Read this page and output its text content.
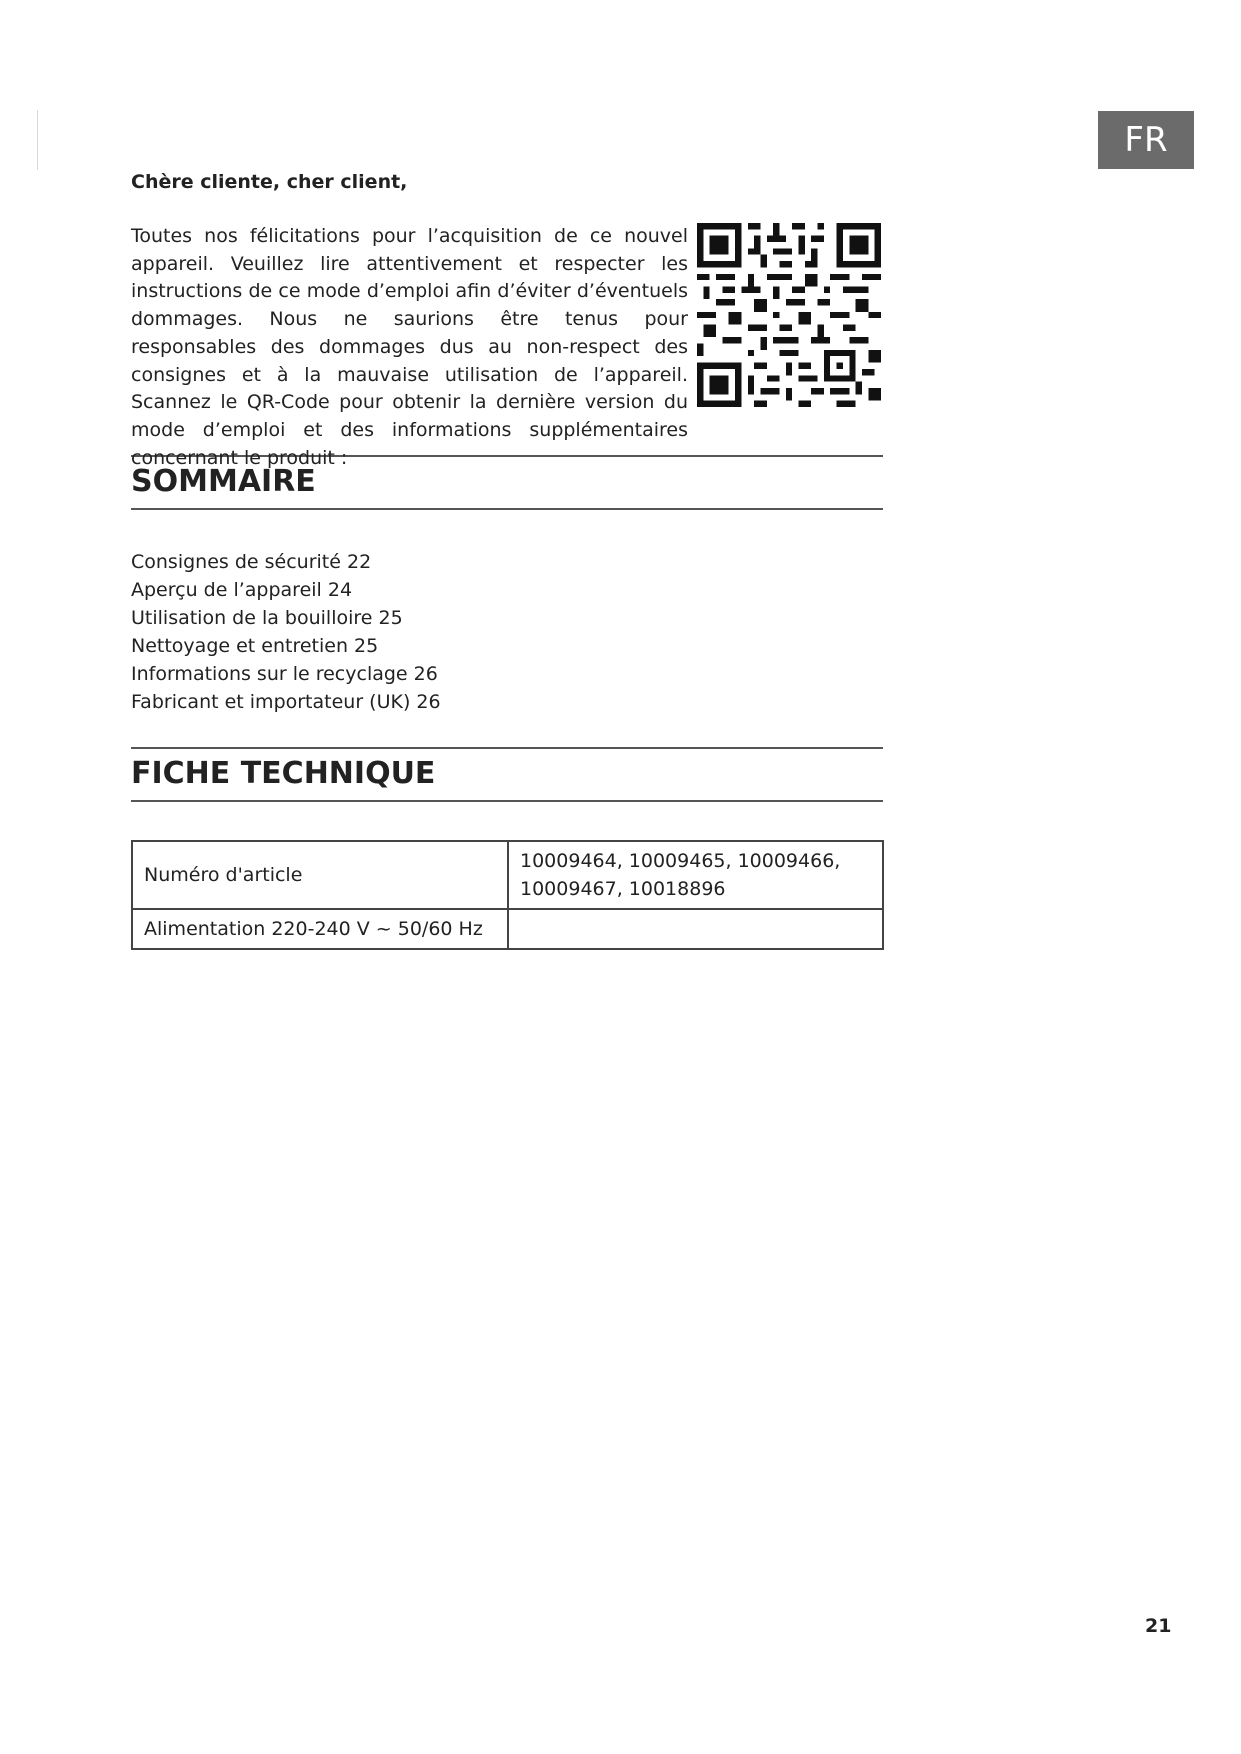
FR

Chère cliente, cher client,

Toutes nos félicitations pour l’acquisition de ce nouvel appareil. Veuillez lire attentivement et respecter les instructions de ce mode d’emploi afin d’éviter d’éventuels dommages. Nous ne saurions être tenus pour responsables des dommages dus au non-respect des consignes et à la mauvaise utilisation de l’appareil. Scannez le QR-Code pour obtenir la dernière version du mode d’emploi et des informations supplémentaires concernant le produit :

SOMMAIRE
Consignes de sécurité 22
Aperçu de l’appareil 24
Utilisation de la bouilloire 25
Nettoyage et entretien 25
Informations sur le recyclage 26
Fabricant et importateur (UK) 26
FICHE TECHNIQUE
Numéro d'article	10009464, 10009465, 10009466, 10009467, 10018896
Alimentation 220-240 V ~ 50/60 Hz	
21
